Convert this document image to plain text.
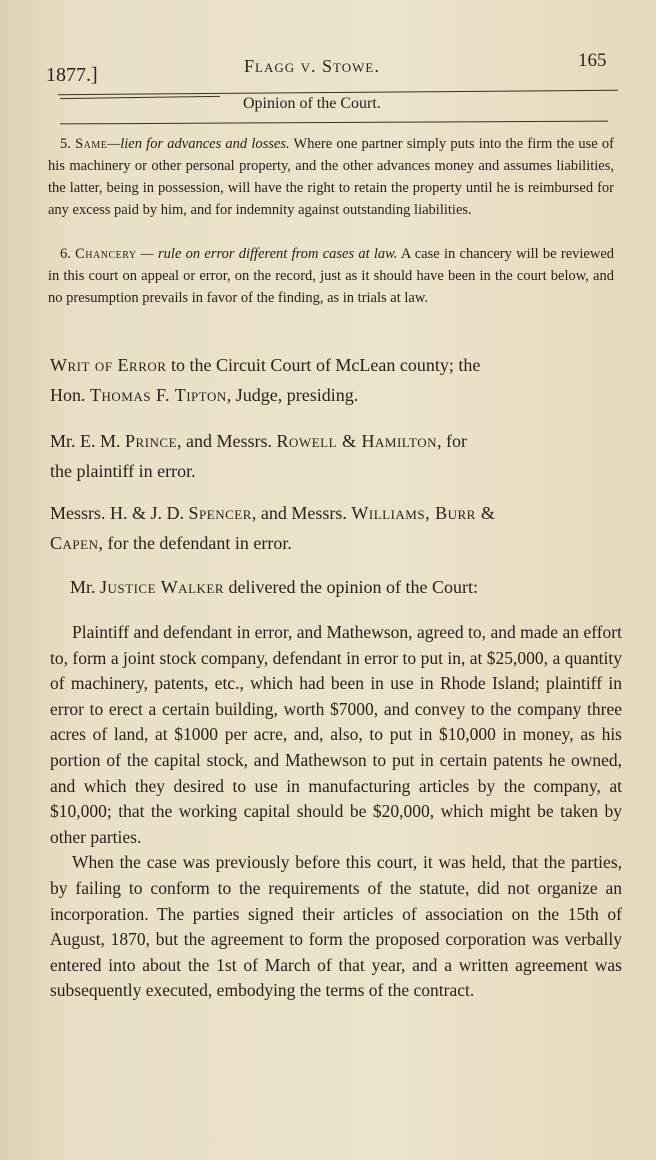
1877.]	Flagg v. Stowe.	165
Opinion of the Court.
5. Same—lien for advances and losses. Where one partner simply puts into the firm the use of his machinery or other personal property, and the other advances money and assumes liabilities, the latter, being in possession, will have the right to retain the property until he is reimbursed for any excess paid by him, and for indemnity against outstanding liabilities.
6. Chancery — rule on error different from cases at law. A case in chancery will be reviewed in this court on appeal or error, on the record, just as it should have been in the court below, and no presumption prevails in favor of the finding, as in trials at law.
Writ of Error to the Circuit Court of McLean county; the
Hon. Thomas F. Tipton, Judge, presiding.
Mr. E. M. Prince, and Messrs. Rowell & Hamilton, for
the plaintiff in error.
Messrs. H. & J. D. Spencer, and Messrs. Williams, Burr &
Capen, for the defendant in error.
Mr. Justice Walker delivered the opinion of the Court:

Plaintiff and defendant in error, and Mathewson, agreed to, and made an effort to, form a joint stock company, defendant in error to put in, at $25,000, a quantity of machinery, patents, etc., which had been in use in Rhode Island; plaintiff in error to erect a certain building, worth $7000, and convey to the company three acres of land, at $1000 per acre, and, also, to put in $10,000 in money, as his portion of the capital stock, and Mathewson to put in certain patents he owned, and which they desired to use in manufacturing articles by the company, at $10,000; that the working capital should be $20,000, which might be taken by other parties.

When the case was previously before this court, it was held, that the parties, by failing to conform to the requirements of the statute, did not organize an incorporation. The parties signed their articles of association on the 15th of August, 1870, but the agreement to form the proposed corporation was verbally entered into about the 1st of March of that year, and a written agreement was subsequently executed, embodying the terms of the contract.
